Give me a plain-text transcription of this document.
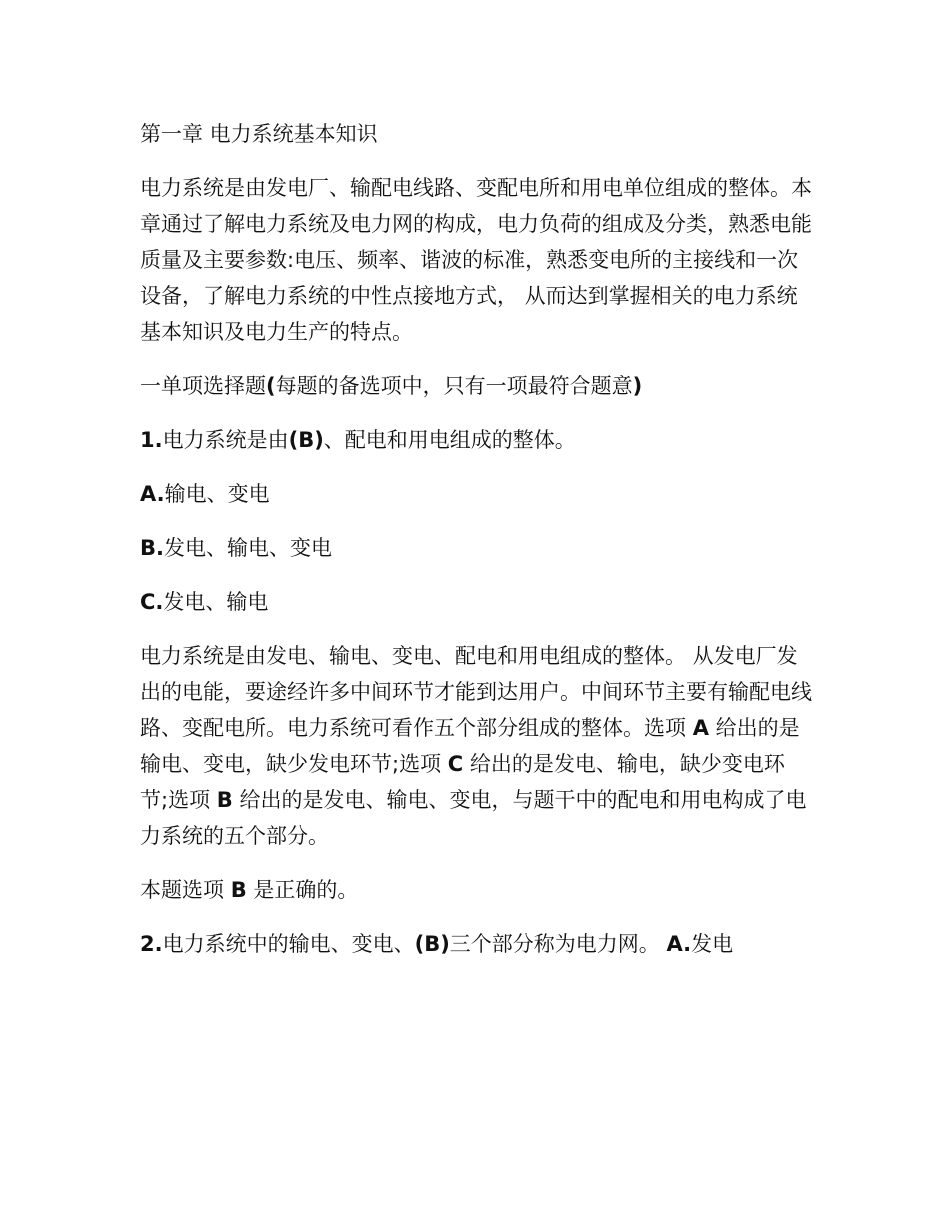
第一章 电力系统基本知识

电力系统是由发电厂、输配电线路、变配电所和用电单位组成的整体。本章通过了解电力系统及电力网的构成，电力负荷的组成及分类，熟悉电能质量及主要参数:电压、频率、谐波的标准，熟悉变电所的主接线和一次设备，了解电力系统的中性点接地方式， 从而达到掌握相关的电力系统基本知识及电力生产的特点。

一单项选择题(每题的备选项中，只有一项最符合题意)

1.电力系统是由(B)、配电和用电组成的整体。

A.输电、变电

B.发电、输电、变电

C.发电、输电

电力系统是由发电、输电、变电、配电和用电组成的整体。 从发电厂发出的电能，要途经许多中间环节才能到达用户。中间环节主要有输配电线路、变配电所。电力系统可看作五个部分组成的整体。选项 A 给出的是输电、变电，缺少发电环节;选项 C 给出的是发电、输电，缺少变电环节;选项 B 给出的是发电、输电、变电，与题干中的配电和用电构成了电力系统的五个部分。

本题选项 B 是正确的。

2.电力系统中的输电、变电、(B)三个部分称为电力网。 A.发电
